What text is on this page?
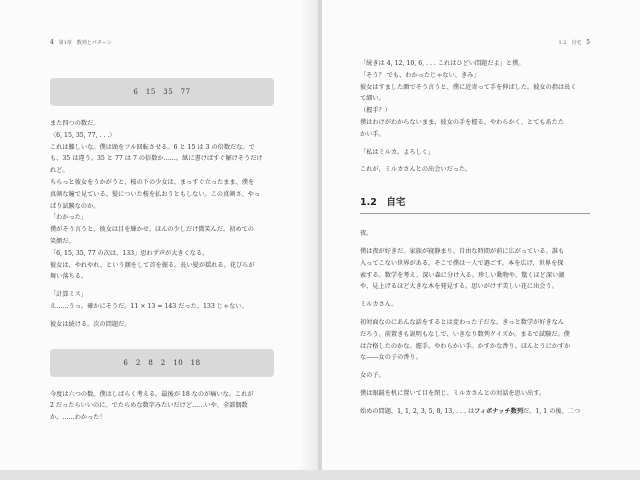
4 第1章　数列とパターン
6　15　35　77

また四つの数だ。

〈6, 15, 35, 77, . . .〉

これは難しいな。僕は頭をフル回転させる。6 と 15 は 3 の倍数だな。で

も、35 は違う。35 と 77 は 7 の倍数か……。紙に書けばすぐ解けそうだけ

れど。

ちらっと彼女をうかがうと、桜の下の少女は、まっすぐ立ったまま、僕を

真剣な瞳で見ている。髪についた桜を払おうともしない。この真剣さ、やっ

ぱり試験なのか。

「わかった」

僕がそう言うと、彼女は目を輝かせ、ほんの少しだけ微笑んだ。初めての

笑顔だ。

「6, 15, 35, 77 の次は、133」思わず声が大きくなる。

彼女は、やれやれ、という顔をして首を振る。長い髪が揺れる。花びらが

舞い落ちる。

「計算ミス」

え……うっ。確かにそうだ。11 × 13 = 143 だった。133 じゃない。

彼女は続ける。次の問題だ。

6　2　8　2　10　18

今度は六つの数。僕はしばらく考える。最後が 18 なのが痛いな。これが

2 だったらいいのに。でたらめな数字みたいだけど……いや、全部偶数

か。……わかった！

1.2　自宅 5

「続きは 4, 12, 10, 6, . . . これはひどい問題だよ」と僕。

「そう？ でも、わかったじゃない、きみ」

彼女はすました顔でそう言うと、僕に近寄って手を伸ばした。彼女の指は長く

て細い。

（握手？）

僕はわけがわからないまま、彼女の手を握る。やわらかく、とてもあたた

かい手。

「私はミルカ。よろしく」

これが、ミルカさんとの出会いだった。

1.2　自宅

夜。

僕は夜が好きだ。家族が寝静まり、自由な時間が前に広がっている。誰も

入ってこない世界がある。そこで僕は一人で過ごす。本を広げ、世界を探

索する。数学を考え、深い森に分け入る。珍しい動物や、驚くほど深い湖

や、見上げるほど大きな木を発見する。思いがけず美しい花に出会う。

ミルカさん。

初対面なのにあんな話をするとは変わった子だな。きっと数学が好きなん

だろう。前置きも説明もなしで、いきなり数列クイズか。まるで試験だ。僕

は合格したのかな。握手。やわらかい手。かすかな香り。ほんとうにかすか

な――女の子の香り。

女の子。

僕は眼鏡を机に置いて目を閉じ、ミルカさんとの対話を思い出す。

始めの問題、1, 1, 2, 3, 5, 8, 13, . . . はフィボナッチ数列だ。1, 1 の後、二つ
